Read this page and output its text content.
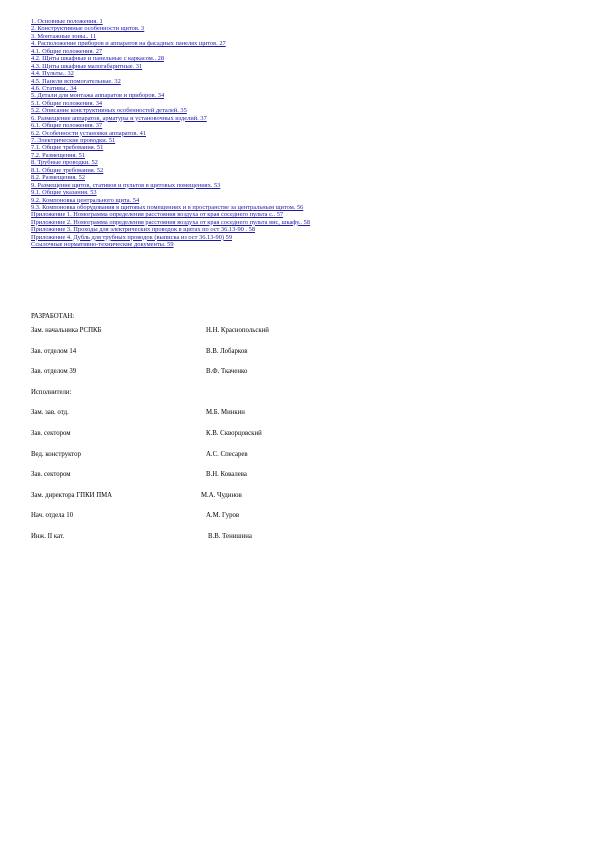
1. Основные положения. 1
2. Конструктивные особенности щитов. 3
3. Монтажные зоны.. 11
4. Расположение приборов и аппаратов на фасадных панелях щитов. 27
4.1. Общие положения. 27
4.2. Щиты шкафные и панельные с каркасом.. 28
4.3. Щиты шкафные малогабаритные. 31
4.4. Пульты.. 32
4.5. Панели вспомогательные. 32
4.6. Стативы.. 34
5. Детали для монтажа аппаратов и приборов. 34
5.1. Общие положения. 34
5.2. Описание конструктивных особенностей деталей. 35
6. Размещение аппаратов, арматуры и установочных изделий. 37
6.1. Общие положения. 37
6.2. Особенности установки аппаратов. 41
7. Электрические проводки. 51
7.1. Общие требования. 51
7.2. Размещения. 51
8. Трубные проводки. 52
8.1. Общие требования. 52
8.2. Размещения. 52
9. Размещение щитов, стативов и пультов в щитовых помещениях. 53
9.1. Общие указания. 53
9.2. Компоновка центрального щита. 54
9.3. Компоновка оборудования в щитовых помещениях и в пространстве за центральным щитом. 56
Приложение 1. Номограмма определения расстояния воздуха от края соседнего пульта с.. 57
Приложение 2. Номограмма определения расстояния воздуха от края соседнего пульта вис, шкафу.. 58
Приложение 3. Проходы для электрических проводок в щитах по ост 36.13-90 . 58
Приложение 4. Дубль для трубных проводок (выписка из ост 36.13-90) 59
Ссылочные нормативно-технические документы. 59
РАЗРАБОТАН:
Зам. начальника РСПКБ	Н.Н. Краснопольский
Зав. отделом 14	В.В. Лобарков
Зав. отделом 39	В.Ф. Ткаченко
Исполнители:
Зам. зав. отд.	М.Б. Минкин
Зав. сектором	К.В. Скворцовский
Вед. конструктор	А.С. Спесарев
Зав. сектором	В.Н. Ковалева
Зам. директора ГПКИ ПМА	М.А. Чудинов
Нач. отдела 10	А.М. Гуров
Инж. II кат.	В.В. Тенишина
